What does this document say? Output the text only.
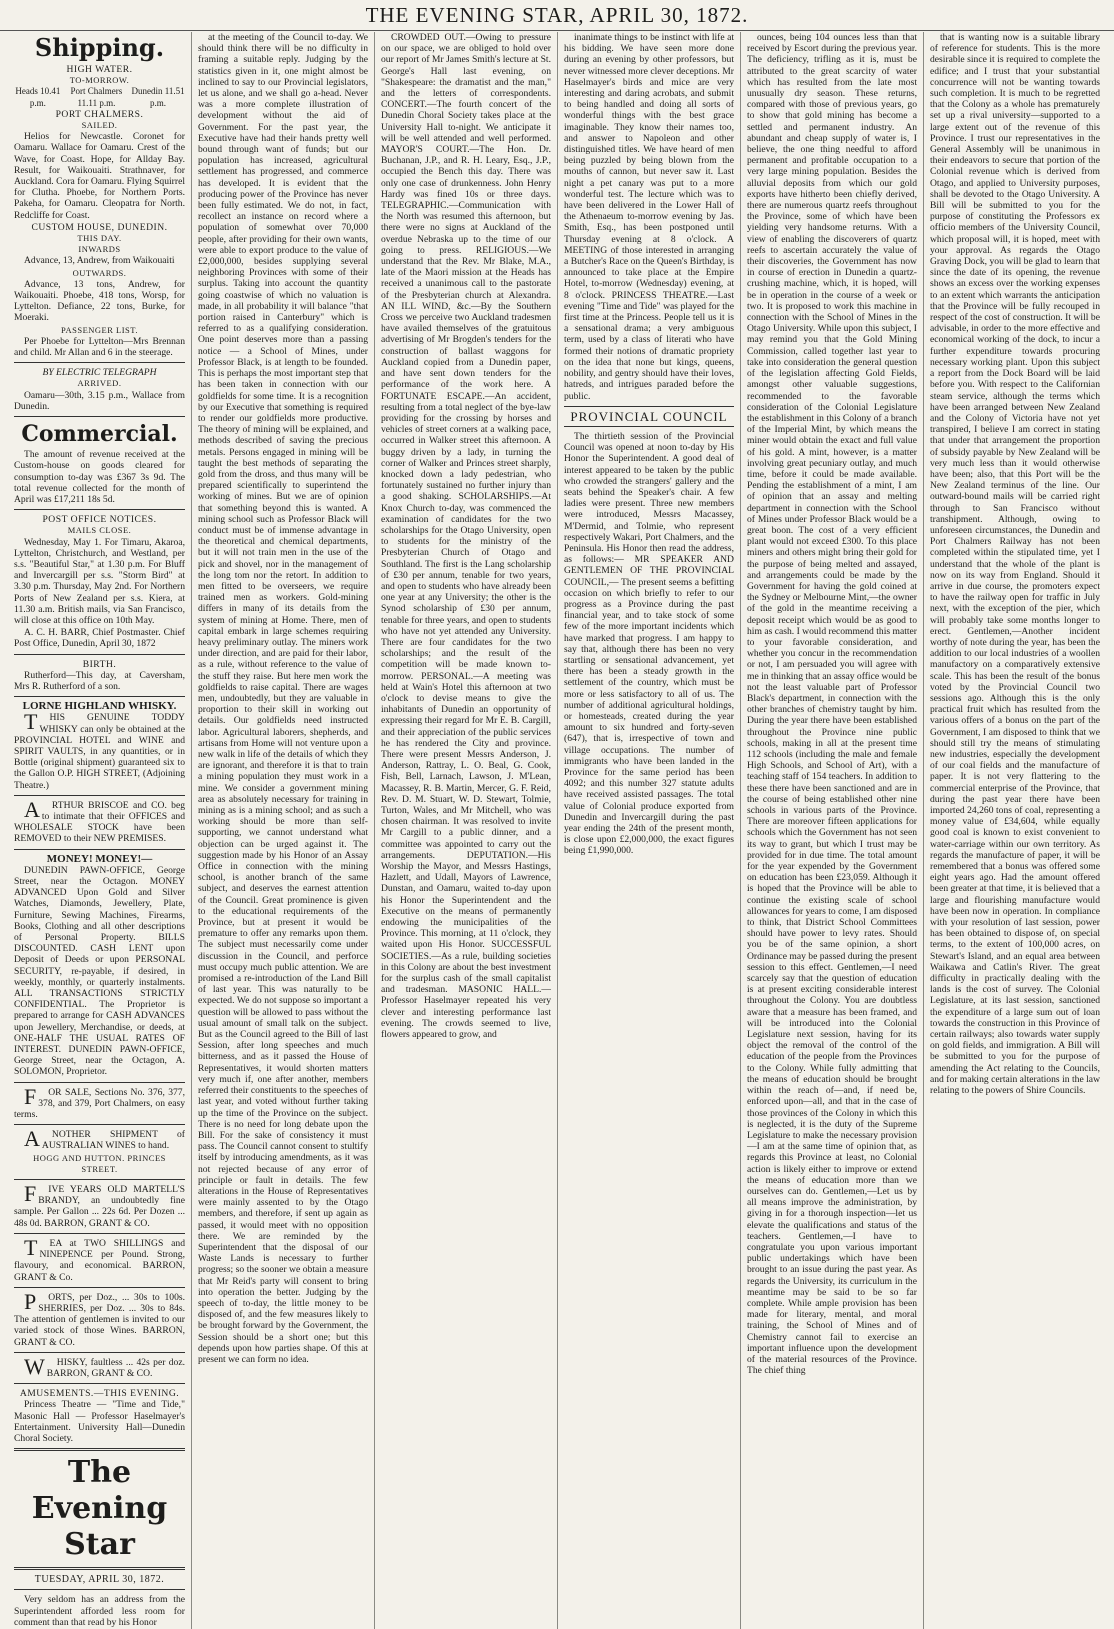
THE EVENING STAR, APRIL 30, 1872.
Shipping.
HIGH WATER.
TO-MORROW.
Heads 10.41 p.m.
Port Chalmers 11.11 p.m.
Dunedin 11.51 p.m.
PORT CHALMERS.
SAILED.

Helios for Newcastle. Coronet for Oamaru. Wallace for Oamaru. Crest of the Wave, for Coast. Hope, for Allday Bay. Result, for Waikouaiti. Strathnaver, for Auckland. Cora for Oamaru. Flying Squirrel for Clutha. Phoebe, for Northern Ports. Pakeha, for Oamaru. Cleopatra for North. Redcliffe for Coast.

CUSTOM HOUSE, DUNEDIN.
THIS DAY.
INWARDS

Advance, 13, Andrew, from Waikouaiti

OUTWARDS.

Advance, 13 tons, Andrew, for Waikouaiti. Phoebe, 418 tons, Worsp, for Lyttelton. Defiance, 22 tons, Burke, for Moeraki.

PASSENGER LIST.

Per Phoebe for Lyttelton—Mrs Brennan and child. Mr Allan and 6 in the steerage.

BY ELECTRIC TELEGRAPH
ARRIVED.

Oamaru—30th, 3.15 p.m., Wallace from Dunedin.

Commercial.

The amount of revenue received at the Custom-house on goods cleared for consumption to-day was £367 3s 9d. The total revenue collected for the month of April was £17,211 18s 5d.

POST OFFICE NOTICES.
MAILS CLOSE.

Wednesday, May 1. For Timaru, Akaroa, Lyttelton, Christchurch, and Westland, per s.s. "Beautiful Star," at 1.30 p.m. For Bluff and Invercargill per s.s. "Storm Bird" at 3.30 p.m. Thursday, May 2nd. For Northern Ports of New Zealand per s.s. Kiera, at 11.30 a.m. British mails, via San Francisco, will close at this office on 10th May.

A. C. H. BARR, Chief Postmaster. Chief Post Office, Dunedin, April 30, 1872

BIRTH.

Rutherford—This day, at Caversham, Mrs R. Rutherford of a son.

LORNE HIGHLAND WHISKY.

THIS GENUINE TODDY WHISKY can only be obtained at the PROVINCIAL HOTEL and WINE and SPIRIT VAULTS, in any quantities, or in Bottle (original shipment) guaranteed six to the Gallon O.P. HIGH STREET, (Adjoining Theatre.)

ARTHUR BRISCOE and CO. beg to intimate that their OFFICES and WHOLESALE STOCK have been REMOVED to their NEW PREMISES.

MONEY! MONEY!—

DUNEDIN PAWN-OFFICE, George Street, near the Octagon. MONEY ADVANCED Upon Gold and Silver Watches, Diamonds, Jewellery, Plate, Furniture, Sewing Machines, Firearms, Books, Clothing and all other descriptions of Personal Property. BILLS DISCOUNTED. CASH LENT upon Deposit of Deeds or upon PERSONAL SECURITY, re-payable, if desired, in weekly, monthly, or quarterly instalments. ALL TRANSACTIONS STRICTLY CONFIDENTIAL. The Proprietor is prepared to arrange for CASH ADVANCES upon Jewellery, Merchandise, or deeds, at ONE-HALF THE USUAL RATES OF INTEREST. DUNEDIN PAWN-OFFICE, George Street, near the Octagon, A. SOLOMON, Proprietor.

FOR SALE, Sections No. 376, 377, 378, and 379, Port Chalmers, on easy terms.

ANOTHER SHIPMENT of AUSTRALIAN WINES to hand.

HOGG AND HUTTON. PRINCES STREET.

FIVE YEARS OLD MARTELL'S BRANDY, an undoubtedly fine sample. Per Gallon ... 22s 6d. Per Dozen ... 48s 0d. BARRON, GRANT & CO.

TEA at TWO SHILLINGS and NINEPENCE per Pound. Strong, flavoury, and economical. BARRON, GRANT & Co.

PORTS, per Doz., ... 30s to 100s. SHERRIES, per Doz. ... 30s to 84s. The attention of gentlemen is invited to our varied stock of those Wines. BARRON, GRANT & CO.

WHISKY, faultless ... 42s per doz. BARRON, GRANT & CO.

AMUSEMENTS.—THIS EVENING.

Princess Theatre — "Time and Tide," Masonic Hall — Professor Haselmayer's Entertainment. University Hall—Dunedin Choral Society.

The Evening Star
TUESDAY, APRIL 30, 1872.

Very seldom has an address from the Superintendent afforded less room for comment than that read by his Honor

at the meeting of the Council to-day. We should think there will be no difficulty in framing a suitable reply. Judging by the statistics given in it, one might almost be inclined to say to our Provincial legislators, let us alone, and we shall go a-head. Never was a more complete illustration of development without the aid of Government. For the past year, the Executive have had their hands pretty well bound through want of funds; but our population has increased, agricultural settlement has progressed, and commerce has developed. It is evident that the producing power of the Province has never been fully estimated. We do not, in fact, recollect an instance on record where a population of somewhat over 70,000 people, after providing for their own wants, were able to export produce to the value of £2,000,000, besides supplying several neighboring Provinces with some of their surplus. Taking into account the quantity going coastwise of which no valuation is made, in all probability it will balance "that portion raised in Canterbury" which is referred to as a qualifying consideration. One point deserves more than a passing notice — a School of Mines, under Professor Black, is at length to be founded. This is perhaps the most important step that has been taken in connection with our goldfields for some time. It is a recognition by our Executive that something is required to render our goldfields more productive. The theory of mining will be explained, and methods described of saving the precious metals. Persons engaged in mining will be taught the best methods of separating the gold from the dross, and thus many will be prepared scientifically to superintend the working of mines. But we are of opinion that something beyond this is wanted. A mining school such as Professor Black will conduct must be of immense advantage in the theoretical and chemical departments, but it will not train men in the use of the pick and shovel, nor in the management of the long tom nor the retort. In addition to men fitted to be overseers, we require trained men as workers. Gold-mining differs in many of its details from the system of mining at Home. There, men of capital embark in large schemes requiring heavy preliminary outlay. The miners work under direction, and are paid for their labor, as a rule, without reference to the value of the stuff they raise. But here men work the goldfields to raise capital. There are wages men, undoubtedly, but they are valuable in proportion to their skill in working out details. Our goldfields need instructed labor. Agricultural laborers, shepherds, and artisans from Home will not venture upon a new walk in life of the details of which they are ignorant, and therefore it is that to train a mining population they must work in a mine. We consider a government mining area as absolutely necessary for training in mining as is a mining school; and as such a working should be more than self-supporting, we cannot understand what objection can be urged against it. The suggestion made by his Honor of an Assay Office in connection with the mining school, is another branch of the same subject, and deserves the earnest attention of the Council. Great prominence is given to the educational requirements of the Province, but at present it would be premature to offer any remarks upon them. The subject must necessarily come under discussion in the Council, and perforce must occupy much public attention. We are promised a re-introduction of the Land Bill of last year. This was naturally to be expected. We do not suppose so important a question will be allowed to pass without the usual amount of small talk on the subject. But as the Council agreed to the Bill of last Session, after long speeches and much bitterness, and as it passed the House of Representatives, it would shorten matters very much if, one after another, members referred their constituents to the speeches of last year, and voted without further taking up the time of the Province on the subject. There is no need for long debate upon the Bill. For the sake of consistency it must pass. The Council cannot consent to stultify itself by introducing amendments, as it was not rejected because of any error of principle or fault in details. The few alterations in the House of Representatives were mainly assented to by the Otago members, and therefore, if sent up again as passed, it would meet with no opposition there. We are reminded by the Superintendent that the disposal of our Waste Lands is necessary to further progress; so the sooner we obtain a measure that Mr Reid's party will consent to bring into operation the better. Judging by the speech of to-day, the little money to be disposed of, and the few measures likely to be brought forward by the Government, the Session should be a short one; but this depends upon how parties shape. Of this at present we can form no idea.

CROWDED OUT.—Owing to pressure on our space, we are obliged to hold over our report of Mr James Smith's lecture at St. George's Hall last evening, on "Shakespeare: the dramatist and the man," and the letters of correspondents. CONCERT.—The fourth concert of the Dunedin Choral Society takes place at the University Hall to-night. We anticipate it will be well attended and well performed. MAYOR'S COURT.—The Hon. Dr. Buchanan, J.P., and R. H. Leary, Esq., J.P., occupied the Bench this day. There was only one case of drunkenness. John Henry Hardy was fined 10s or three days. TELEGRAPHIC.—Communication with the North was resumed this afternoon, but there were no signs at Auckland of the overdue Nebraska up to the time of our going to press. RELIGIOUS.—We understand that the Rev. Mr Blake, M.A., late of the Maori mission at the Heads has received a unanimous call to the pastorate of the Presbyterian church at Alexandra. AN ILL WIND, &c.—By the Southern Cross we perceive two Auckland tradesmen have availed themselves of the gratuitous advertising of Mr Brogden's tenders for the construction of ballast waggons for Auckland copied from a Dunedin paper, and have sent down tenders for the performance of the work here. A FORTUNATE ESCAPE.—An accident, resulting from a total neglect of the bye-law providing for the crossing by horses and vehicles of street corners at a walking pace, occurred in Walker street this afternoon. A buggy driven by a lady, in turning the corner of Walker and Princes street sharply, knocked down a lady pedestrian, who fortunately sustained no further injury than a good shaking. SCHOLARSHIPS.—At Knox Church to-day, was commenced the examination of candidates for the two scholarships for the Otago University, open to students for the ministry of the Presbyterian Church of Otago and Southland. The first is the Lang scholarship of £30 per annum, tenable for two years, and open to students who have already been one year at any University; the other is the Synod scholarship of £30 per annum, tenable for three years, and open to students who have not yet attended any University. There are four candidates for the two scholarships; and the result of the competition will be made known to-morrow. PERSONAL.—A meeting was held at Wain's Hotel this afternoon at two o'clock to devise means to give the inhabitants of Dunedin an opportunity of expressing their regard for Mr E. B. Cargill, and their appreciation of the public services he has rendered the City and province. There were present Messrs Anderson, J. Anderson, Rattray, L. O. Beal, G. Cook, Fish, Bell, Larnach, Lawson, J. M'Lean, Macassey, R. B. Martin, Mercer, G. F. Reid, Rev. D. M. Stuart, W. D. Stewart, Tolmie, Turton, Wales, and Mr Mitchell, who was chosen chairman. It was resolved to invite Mr Cargill to a public dinner, and a committee was appointed to carry out the arrangements. DEPUTATION.—His Worship the Mayor, and Messrs Hastings, Hazlett, and Udall, Mayors of Lawrence, Dunstan, and Oamaru, waited to-day upon his Honor the Superintendent and the Executive on the means of permanently endowing the municipalities of the Province. This morning, at 11 o'clock, they waited upon His Honor. SUCCESSFUL SOCIETIES.—As a rule, building societies in this Colony are about the best investment for the surplus cash of the small capitalist and tradesman. MASONIC HALL.—Professor Haselmayer repeated his very clever and interesting performance last evening. The crowds seemed to live, flowers appeared to grow, and

inanimate things to be instinct with life at his bidding. We have seen more done during an evening by other professors, but never witnessed more clever deceptions. Mr Haselmayer's birds and mice are very interesting and daring acrobats, and submit to being handled and doing all sorts of wonderful things with the best grace imaginable. They know their names too, and answer to Napoleon and other distinguished titles. We have heard of men being puzzled by being blown from the mouths of cannon, but never saw it. Last night a pet canary was put to a more wonderful test. The lecture which was to have been delivered in the Lower Hall of the Athenaeum to-morrow evening by Jas. Smith, Esq., has been postponed until Thursday evening at 8 o'clock. A MEETING of those interested in arranging a Butcher's Race on the Queen's Birthday, is announced to take place at the Empire Hotel, to-morrow (Wednesday) evening, at 8 o'clock. PRINCESS THEATRE.—Last evening "Time and Tide" was played for the first time at the Princess. People tell us it is a sensational drama; a very ambiguous term, used by a class of literati who have formed their notions of dramatic propriety on the idea that none but kings, queens, nobility, and gentry should have their loves, hatreds, and intrigues paraded before the public.

PROVINCIAL COUNCIL

The thirtieth session of the Provincial Council was opened at noon to-day by His Honor the Superintendent. A good deal of interest appeared to be taken by the public who crowded the strangers' gallery and the seats behind the Speaker's chair. A few ladies were present. Three new members were introduced, Messrs Macassey, M'Dermid, and Tolmie, who represent respectively Wakari, Port Chalmers, and the Peninsula. His Honor then read the address, as follows:— MR SPEAKER AND GENTLEMEN OF THE PROVINCIAL COUNCIL,— The present seems a befitting occasion on which briefly to refer to our progress as a Province during the past financial year, and to take stock of some few of the more important incidents which have marked that progress. I am happy to say that, although there has been no very startling or sensational advancement, yet there has been a steady growth in the settlement of the country, which must be more or less satisfactory to all of us. The number of additional agricultural holdings, or homesteads, created during the year amount to six hundred and forty-seven (647), that is, irrespective of town and village occupations. The number of immigrants who have been landed in the Province for the same period has been 4092; and this number 327 statute adults have received assisted passages. The total value of Colonial produce exported from Dunedin and Invercargill during the past year ending the 24th of the present month, is close upon £2,000,000, the exact figures being £1,990,000.

ounces, being 104 ounces less than that received by Escort during the previous year. The deficiency, trifling as it is, must be attributed to the great scarcity of water which has resulted from the late most unusually dry season. These returns, compared with those of previous years, go to show that gold mining has become a settled and permanent industry. An abundant and cheap supply of water is, I believe, the one thing needful to afford permanent and profitable occupation to a very large mining population. Besides the alluvial deposits from which our gold exports have hitherto been chiefly derived, there are numerous quartz reefs throughout the Province, some of which have been yielding very handsome returns. With a view of enabling the discoverers of quartz reefs to ascertain accurately the value of their discoveries, the Government has now in course of erection in Dunedin a quartz-crushing machine, which, it is hoped, will be in operation in the course of a week or two. It is proposed to work this machine in connection with the School of Mines in the Otago University. While upon this subject, I may remind you that the Gold Mining Commission, called together last year to take into consideration the general question of the legislation affecting Gold Fields, amongst other valuable suggestions, recommended to the favorable consideration of the Colonial Legislature the establishment in this Colony of a branch of the Imperial Mint, by which means the miner would obtain the exact and full value of his gold. A mint, however, is a matter involving great pecuniary outlay, and much time, before it could be made available. Pending the establishment of a mint, I am of opinion that an assay and melting department in connection with the School of Mines under Professor Black would be a great boon. The cost of a very efficient plant would not exceed £300. To this place miners and others might bring their gold for the purpose of being melted and assayed, and arrangements could be made by the Government for having the gold coined at the Sydney or Melbourne Mint,—the owner of the gold in the meantime receiving a deposit receipt which would be as good to him as cash. I would recommend this matter to your favorable consideration, and whether you concur in the recommendation or not, I am persuaded you will agree with me in thinking that an assay office would be not the least valuable part of Professor Black's department, in connection with the other branches of chemistry taught by him. During the year there have been established throughout the Province nine public schools, making in all at the present time 112 schools (including the male and female High Schools, and School of Art), with a teaching staff of 154 teachers. In addition to these there have been sanctioned and are in the course of being established other nine schools in various parts of the Province. There are moreover fifteen applications for schools which the Government has not seen its way to grant, but which I trust may be provided for in due time. The total amount for the year expended by the Government on education has been £23,059. Although it is hoped that the Province will be able to continue the existing scale of school allowances for years to come, I am disposed to think, that District School Committees should have power to levy rates. Should you be of the same opinion, a short Ordinance may be passed during the present session to this effect. Gentlemen,—I need scarcely say that the question of education is at present exciting considerable interest throughout the Colony. You are doubtless aware that a measure has been framed, and will be introduced into the Colonial Legislature next session, having for its object the removal of the control of the education of the people from the Provinces to the Colony. While fully admitting that the means of education should be brought within the reach of—and, if need be, enforced upon—all, and that in the case of those provinces of the Colony in which this is neglected, it is the duty of the Supreme Legislature to make the necessary provision—I am at the same time of opinion that, as regards this Province at least, no Colonial action is likely either to improve or extend the means of education more than we ourselves can do. Gentlemen,—Let us by all means improve the administration, by giving in for a thorough inspection—let us elevate the qualifications and status of the teachers. Gentlemen,—I have to congratulate you upon various important public undertakings which have been brought to an issue during the past year. As regards the University, its curriculum in the meantime may be said to be so far complete. While ample provision has been made for literary, mental, and moral training, the School of Mines and of Chemistry cannot fail to exercise an important influence upon the development of the material resources of the Province. The chief thing

that is wanting now is a suitable library of reference for students. This is the more desirable since it is required to complete the edifice; and I trust that your substantial concurrence will not be wanting towards such completion. It is much to be regretted that the Colony as a whole has prematurely set up a rival university—supported to a large extent out of the revenue of this Province. I trust our representatives in the General Assembly will be unanimous in their endeavors to secure that portion of the Colonial revenue which is derived from Otago, and applied to University purposes, shall be devoted to the Otago University. A Bill will be submitted to you for the purpose of constituting the Professors ex officio members of the University Council, which proposal will, it is hoped, meet with your approval. As regards the Otago Graving Dock, you will be glad to learn that since the date of its opening, the revenue shows an excess over the working expenses to an extent which warrants the anticipation that the Province will be fully recouped in respect of the cost of construction. It will be advisable, in order to the more effective and economical working of the dock, to incur a further expenditure towards procuring necessary working plant. Upon this subject a report from the Dock Board will be laid before you. With respect to the Californian steam service, although the terms which have been arranged between New Zealand and the Colony of Victoria have not yet transpired, I believe I am correct in stating that under that arrangement the proportion of subsidy payable by New Zealand will be very much less than it would otherwise have been; also, that this Port will be the New Zealand terminus of the line. Our outward-bound mails will be carried right through to San Francisco without transhipment. Although, owing to unforeseen circumstances, the Dunedin and Port Chalmers Railway has not been completed within the stipulated time, yet I understand that the whole of the plant is now on its way from England. Should it arrive in due course, the promoters expect to have the railway open for traffic in July next, with the exception of the pier, which will probably take some months longer to erect. Gentlemen,—Another incident worthy of note during the year, has been the addition to our local industries of a woollen manufactory on a comparatively extensive scale. This has been the result of the bonus voted by the Provincial Council two sessions ago. Although this is the only practical fruit which has resulted from the various offers of a bonus on the part of the Government, I am disposed to think that we should still try the means of stimulating new industries, especially the development of our coal fields and the manufacture of paper. It is not very flattering to the commercial enterprise of the Province, that during the past year there have been imported 24,260 tons of coal, representing a money value of £34,604, while equally good coal is known to exist convenient to water-carriage within our own territory. As regards the manufacture of paper, it will be remembered that a bonus was offered some eight years ago. Had the amount offered been greater at that time, it is believed that a large and flourishing manufacture would have been now in operation. In compliance with your resolution of last session, power has been obtained to dispose of, on special terms, to the extent of 100,000 acres, on Stewart's Island, and an equal area between Waikawa and Catlin's River. The great difficulty in practically dealing with the lands is the cost of survey. The Colonial Legislature, at its last session, sanctioned the expenditure of a large sum out of loan towards the construction in this Province of certain railways; also towards water supply on gold fields, and immigration. A Bill will be submitted to you for the purpose of amending the Act relating to the Councils, and for making certain alterations in the law relating to the powers of Shire Councils.
